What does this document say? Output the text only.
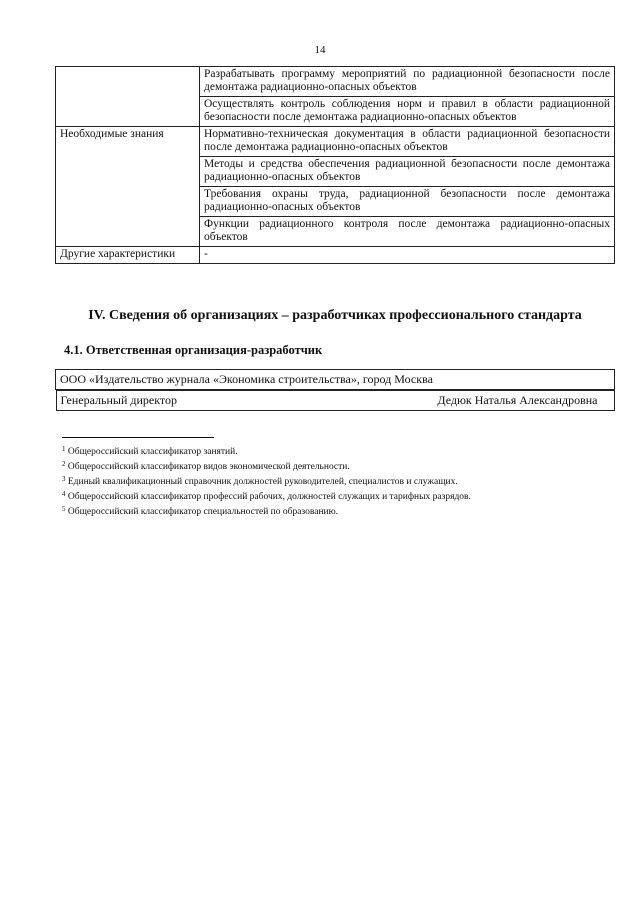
14
	Разрабатывать программу мероприятий по радиационной безопасности после демонтажа радиационно-опасных объектов
	Осуществлять контроль соблюдения норм и правил в области радиационной безопасности после демонтажа радиационно-опасных объектов
Необходимые знания	Нормативно-техническая документация в области радиационной безопасности после демонтажа радиационно-опасных объектов
	Методы и средства обеспечения радиационной безопасности после демонтажа радиационно-опасных объектов
	Требования охраны труда, радиационной безопасности после демонтажа радиационно-опасных объектов
	Функции радиационного контроля после демонтажа радиационно-опасных объектов
Другие характеристики	-
IV. Сведения об организациях – разработчиках профессионального стандарта
4.1. Ответственная организация-разработчик
ООО «Издательство журнала «Экономика строительства», город Москва

Генеральный директор	Дедюк Наталья Александровна
$^1$ Общероссийский классификатор занятий.
$^2$ Общероссийский классификатор видов экономической деятельности.
$^3$ Единый квалификационный справочник должностей руководителей, специалистов и служащих.
$^4$ Общероссийский классификатор профессий рабочих, должностей служащих и тарифных разрядов.
$^5$ Общероссийский классификатор специальностей по образованию.
